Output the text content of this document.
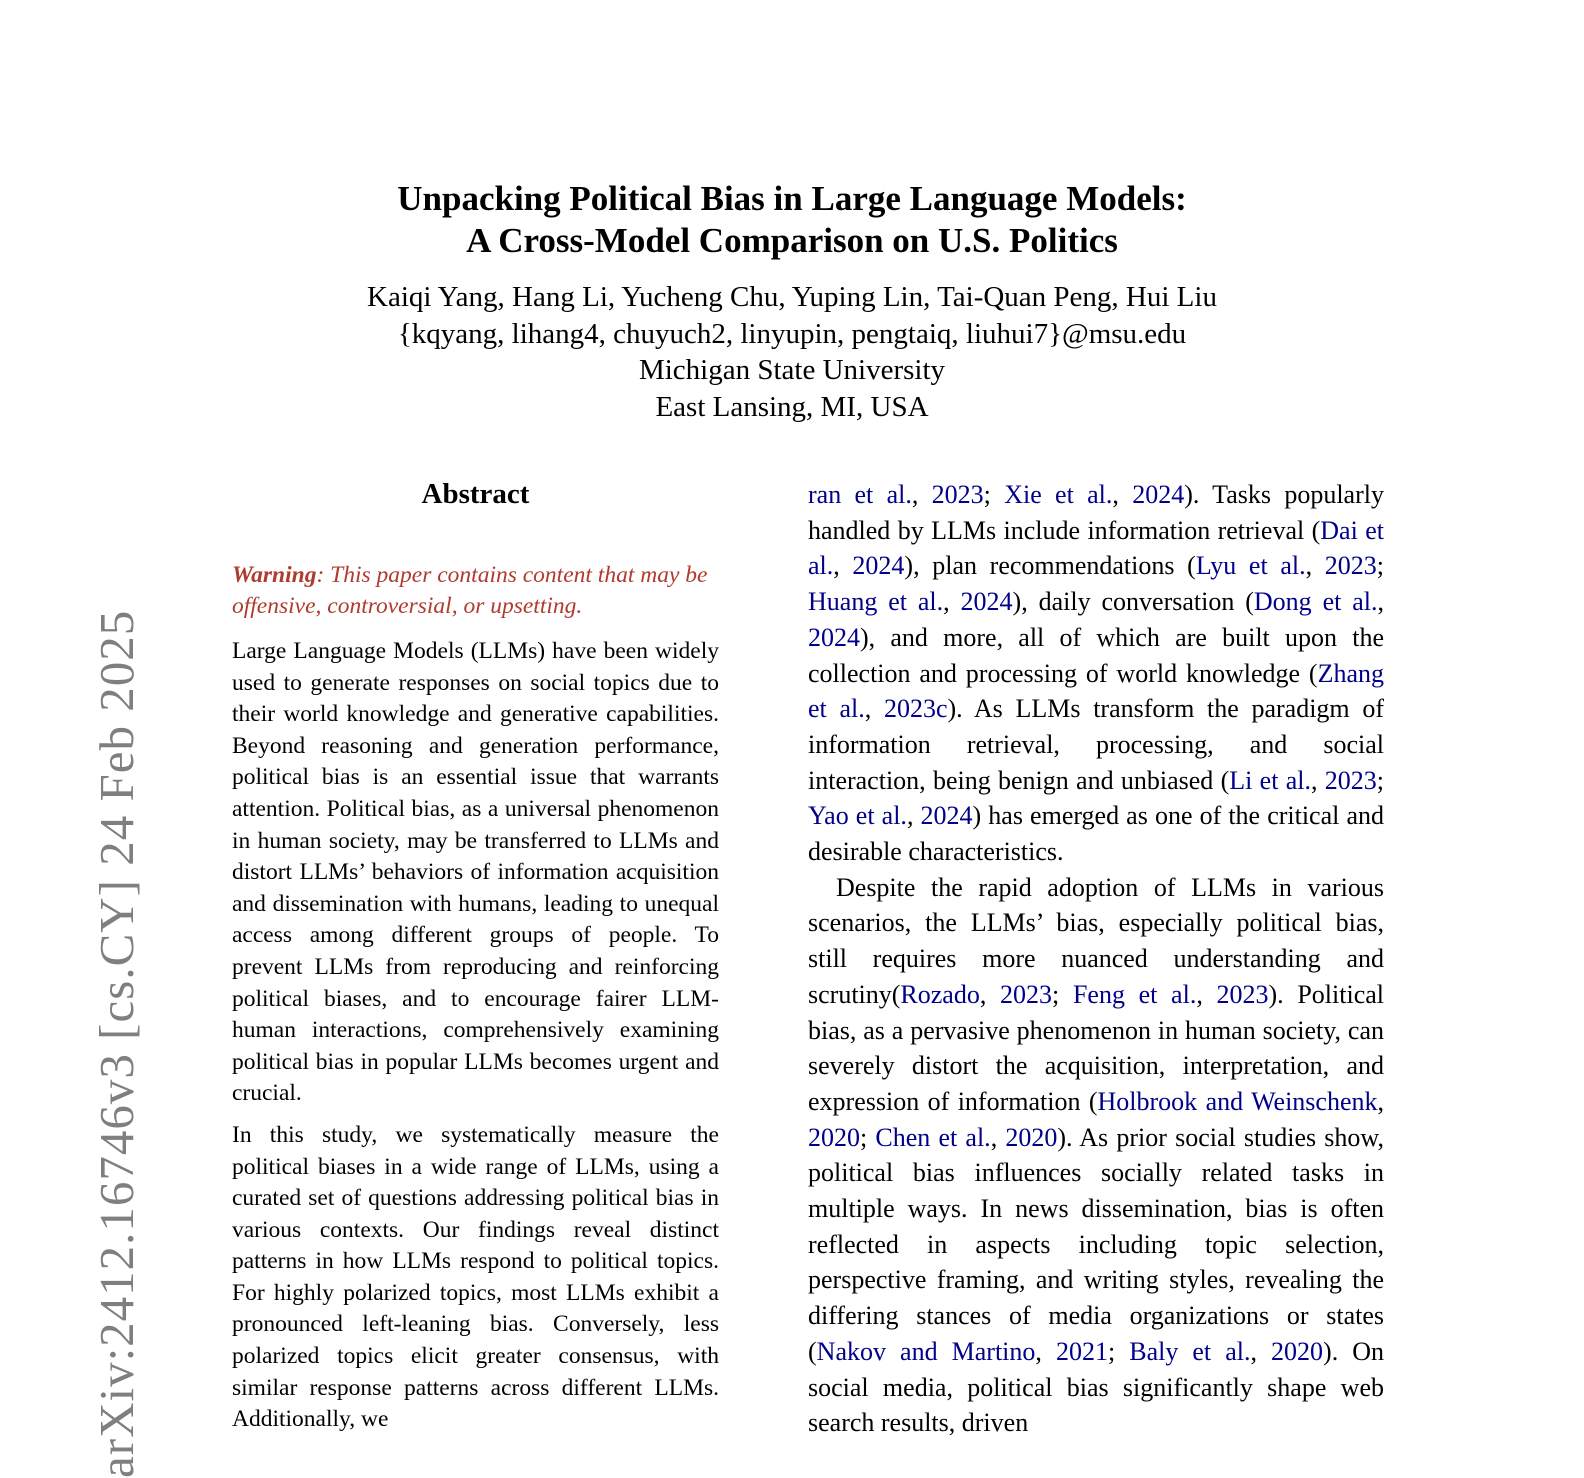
arXiv:2412.16746v3 [cs.CY] 24 Feb 2025
Unpacking Political Bias in Large Language Models:
A Cross-Model Comparison on U.S. Politics
Kaiqi Yang, Hang Li, Yucheng Chu, Yuping Lin, Tai-Quan Peng, Hui Liu
{kqyang, lihang4, chuyuch2, linyupin, pengtaiq, liuhui7}@msu.edu
Michigan State University
East Lansing, MI, USA
Abstract

Warning: This paper contains content that may be offensive, controversial, or upsetting.

Large Language Models (LLMs) have been widely used to generate responses on social topics due to their world knowledge and generative capabilities. Beyond reasoning and generation performance, political bias is an essential issue that warrants attention. Political bias, as a universal phenomenon in human society, may be transferred to LLMs and distort LLMs’ behaviors of information acquisition and dissemination with humans, leading to unequal access among different groups of people. To prevent LLMs from reproducing and reinforcing political biases, and to encourage fairer LLM-human interactions, comprehensively examining political bias in popular LLMs becomes urgent and crucial.

In this study, we systematically measure the political biases in a wide range of LLMs, using a curated set of questions addressing political bias in various contexts. Our findings reveal distinct patterns in how LLMs respond to political topics. For highly polarized topics, most LLMs exhibit a pronounced left-leaning bias. Conversely, less polarized topics elicit greater consensus, with similar response patterns across different LLMs. Additionally, we

ran et al., 2023; Xie et al., 2024). Tasks popularly handled by LLMs include information retrieval (Dai et al., 2024), plan recommendations (Lyu et al., 2023; Huang et al., 2024), daily conversation (Dong et al., 2024), and more, all of which are built upon the collection and processing of world knowledge (Zhang et al., 2023c). As LLMs transform the paradigm of information retrieval, processing, and social interaction, being benign and unbiased (Li et al., 2023; Yao et al., 2024) has emerged as one of the critical and desirable characteristics.

Despite the rapid adoption of LLMs in various scenarios, the LLMs’ bias, especially political bias, still requires more nuanced understanding and scrutiny(Rozado, 2023; Feng et al., 2023). Political bias, as a pervasive phenomenon in human society, can severely distort the acquisition, interpretation, and expression of information (Holbrook and Weinschenk, 2020; Chen et al., 2020). As prior social studies show, political bias influences socially related tasks in multiple ways. In news dissemination, bias is often reflected in aspects including topic selection, perspective framing, and writing styles, revealing the differing stances of media organizations or states (Nakov and Martino, 2021; Baly et al., 2020). On social media, political bias significantly shape web search results, driven
